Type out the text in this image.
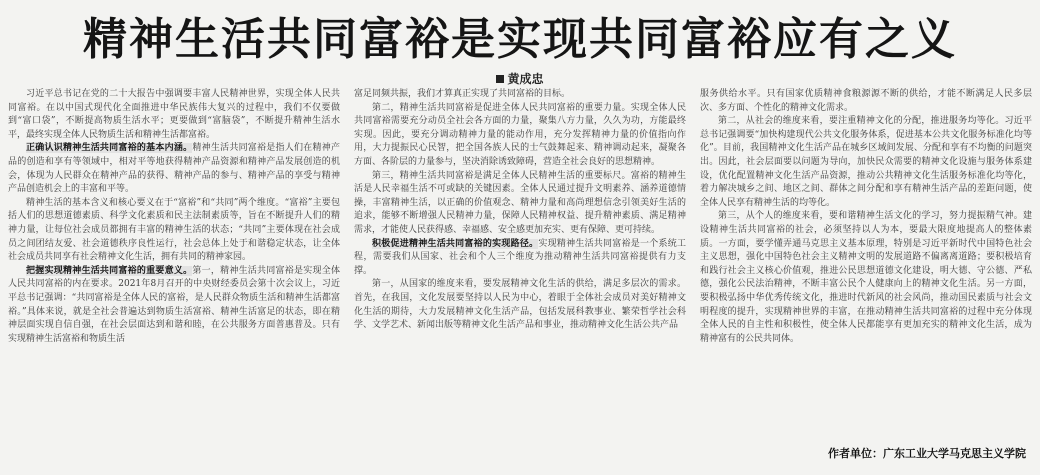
精神生活共同富裕是实现共同富裕应有之义
黄成忠

习近平总书记在党的二十大报告中强调要丰富人民精神世界，实现全体人民共同富裕。在以中国式现代化全面推进中华民族伟大复兴的过程中，我们不仅要做到“富口袋”，不断提高物质生活水平；更要做到“富脑袋”，不断提升精神生活水平，最终实现全体人民物质生活和精神生活都富裕。

正确认识精神生活共同富裕的基本内涵。精神生活共同富裕是指人们在精神产品的创造和享有等领域中，相对平等地获得精神产品资源和精神产品发展创造的机会，体现为人民群众在精神产品的获得、精神产品的参与、精神产品的享受与精神产品创造机会上的丰富和平等。

精神生活的基本含义和核心要义在于“富裕”和“共同”两个维度。“富裕”主要包括人们的思想道德素质、科学文化素质和民主法制素质等，旨在不断提升人们的精神力量，让每位社会成员都拥有丰富的精神生活的状态；“共同”主要体现在社会成员之间团结友爱、社会道德秩序良性运行，社会总体上处于和谐稳定状态，让全体社会成员共同享有社会精神文化生活，拥有共同的精神家园。

把握实现精神生活共同富裕的重要意义。第一，精神生活共同富裕是实现全体人民共同富裕的内在要求。2021年8月召开的中央财经委员会第十次会议上，习近平总书记强调：“共同富裕是全体人民的富裕，是人民群众物质生活和精神生活都富裕。”具体来说，就是全社会普遍达到物质生活富裕、精神生活富足的状态，即在精神层面实现自信自强，在社会层面达到和谐和睦，在公共服务方面普惠普及。只有实现精神生活富裕和物质生活

富足同频共振，我们才算真正实现了共同富裕的目标。

第二，精神生活共同富裕是促进全体人民共同富裕的重要力量。实现全体人民共同富裕需要充分动员全社会各方面的力量，聚集八方力量，久久为功，方能最终实现。因此，要充分调动精神力量的能动作用，充分发挥精神力量的价值指向作用，大力提振民心民智，把全国各族人民的士气鼓舞起来、精神调动起来，凝聚各方面、各阶层的力量参与，坚决消除诱致障碍，营造全社会良好的思想精神。

第三，精神生活共同富裕是满足全体人民精神生活的重要标尺。富裕的精神生活是人民幸福生活不可或缺的关键因素。全体人民通过提升文明素养、涵养道德情操，丰富精神生活，以正确的价值观念、精神力量和高尚理想信念引领美好生活的追求，能够不断增强人民精神力量，保障人民精神权益、提升精神素质、满足精神需求，才能使人民获得感、幸福感、安全感更加充实、更有保障、更可持续。

积极促进精神生活共同富裕的实现路径。实现精神生活共同富裕是一个系统工程，需要我们从国家、社会和个人三个维度为推动精神生活共同富裕提供有力支撑。

第一，从国家的维度来看，要发展精神文化生活的供给，满足多层次的需求。首先，在我国，文化发展要坚持以人民为中心，着眼于全体社会成员对美好精神文化生活的期待，大力发展精神文化生活产品，包括发展科教事业、繁荣哲学社会科学、文学艺术、新闻出版等精神文化生活产品和事业，推动精神文化生活公共产品

服务供给水平。只有国家优质精神食粮源源不断的供给，才能不断满足人民多层次、多方面、个性化的精神文化需求。

第二，从社会的维度来看，要注重精神文化的分配，推进服务均等化。习近平总书记强调要“加快构建现代公共文化服务体系，促进基本公共文化服务标准化均等化”。目前，我国精神文化生活产品在城乡区域间发展、分配和享有不均衡的问题突出。因此，社会层面要以问题为导向，加快民众需要的精神文化设施与服务体系建设，优化配置精神文化生活产品资源，推动公共精神文化生活服务标准化均等化，着力解决城乡之间、地区之间、群体之间分配和享有精神生活产品的差距问题，使全体人民享有精神生活的均等化。

第三，从个人的维度来看，要和谐精神生活文化的学习，努力提振精气神。建设精神生活共同富裕的社会，必须坚持以人为本，要最大限度地提高人的整体素质。一方面，要学懂弄通马克思主义基本原理，特别是习近平新时代中国特色社会主义思想，强化中国特色社会主义精神文明的发展道路不偏离离道路；要积极培育和践行社会主义核心价值观，推进公民思想道德文化建设，明大德、守公德、严私德，强化公民法治精神，不断丰富公民个人健康向上的精神文化生活。另一方面，要积极弘扬中华优秀传统文化，推进时代新风的社会风尚，推动国民素质与社会文明程度的提升，实现精神世界的丰富，在推动精神生活共同富裕的过程中充分体现全体人民的自主性和积极性，使全体人民都能享有更加充实的精神文化生活，成为精神富有的公民共同体。

作者单位：广东工业大学马克思主义学院
